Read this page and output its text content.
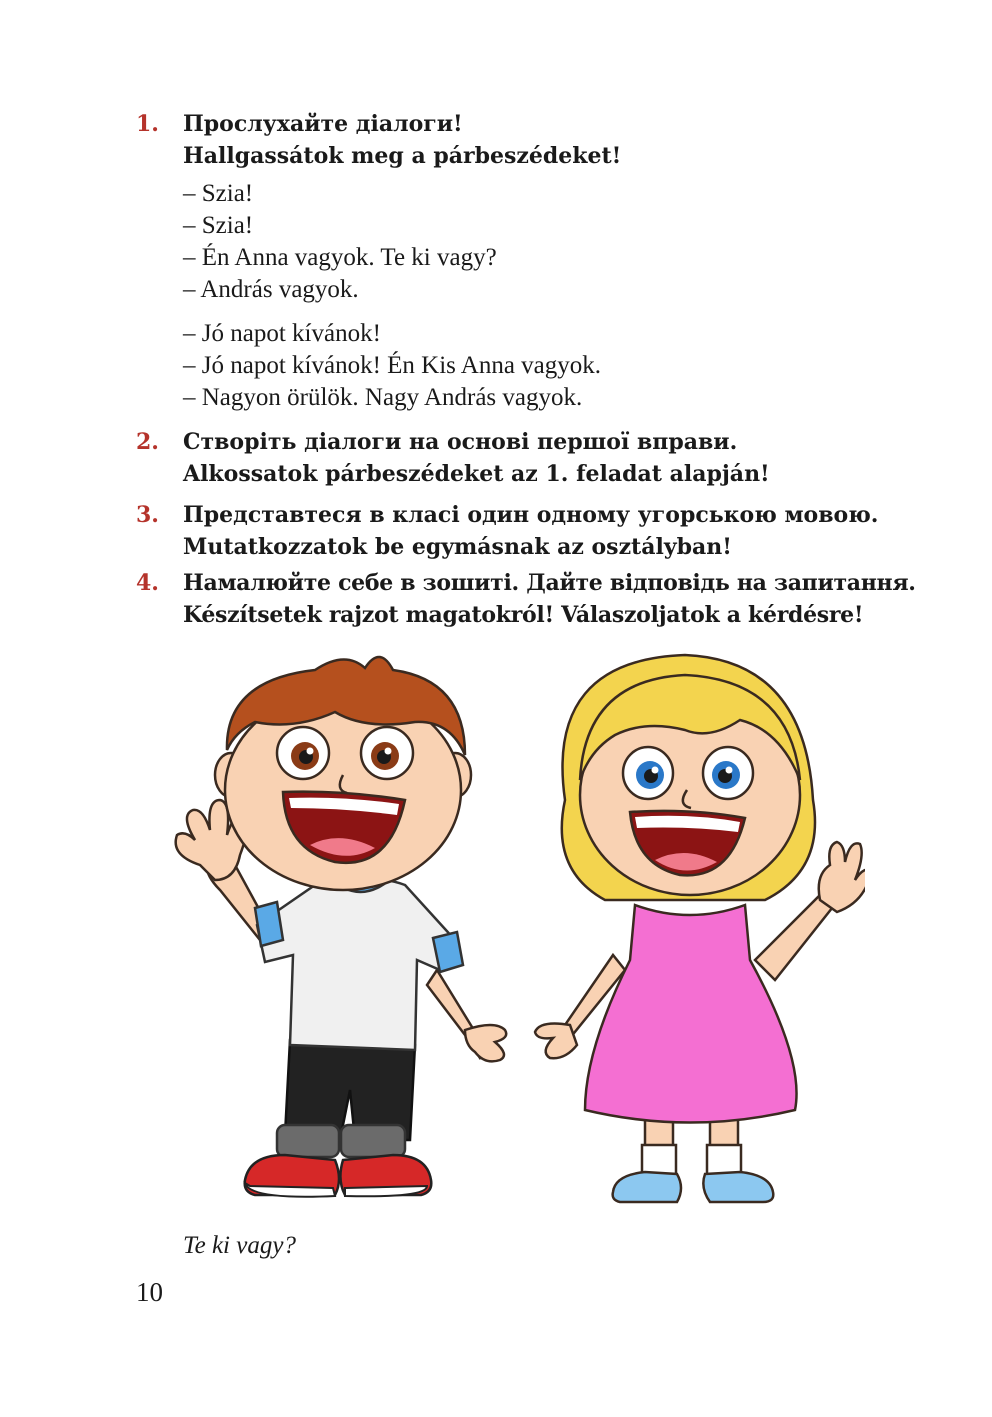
1.	Прослухайте діалоги!
Hallgassátok meg a párbeszédeket!
– Szia!
– Szia!
– Én Anna vagyok. Te ki vagy?
– András vagyok.
– Jó napot kívánok!
– Jó napot kívánok! Én Kis Anna vagyok.
– Nagyon örülök. Nagy András vagyok.
2.	Створіть діалоги на основі першої вправи.
Alkossatok párbeszédeket az 1. feladat alapján!
3.	Представтеся в класі один одному угорською мовою.
Mutatkozzatok be egymásnak az osztályban!
4.	Намалюйте себе в зошиті. Дайте відповідь на запитання.
Készítsetek rajzot magatokról! Válaszoljatok a kérdésre!
Te ki vagy?
10
